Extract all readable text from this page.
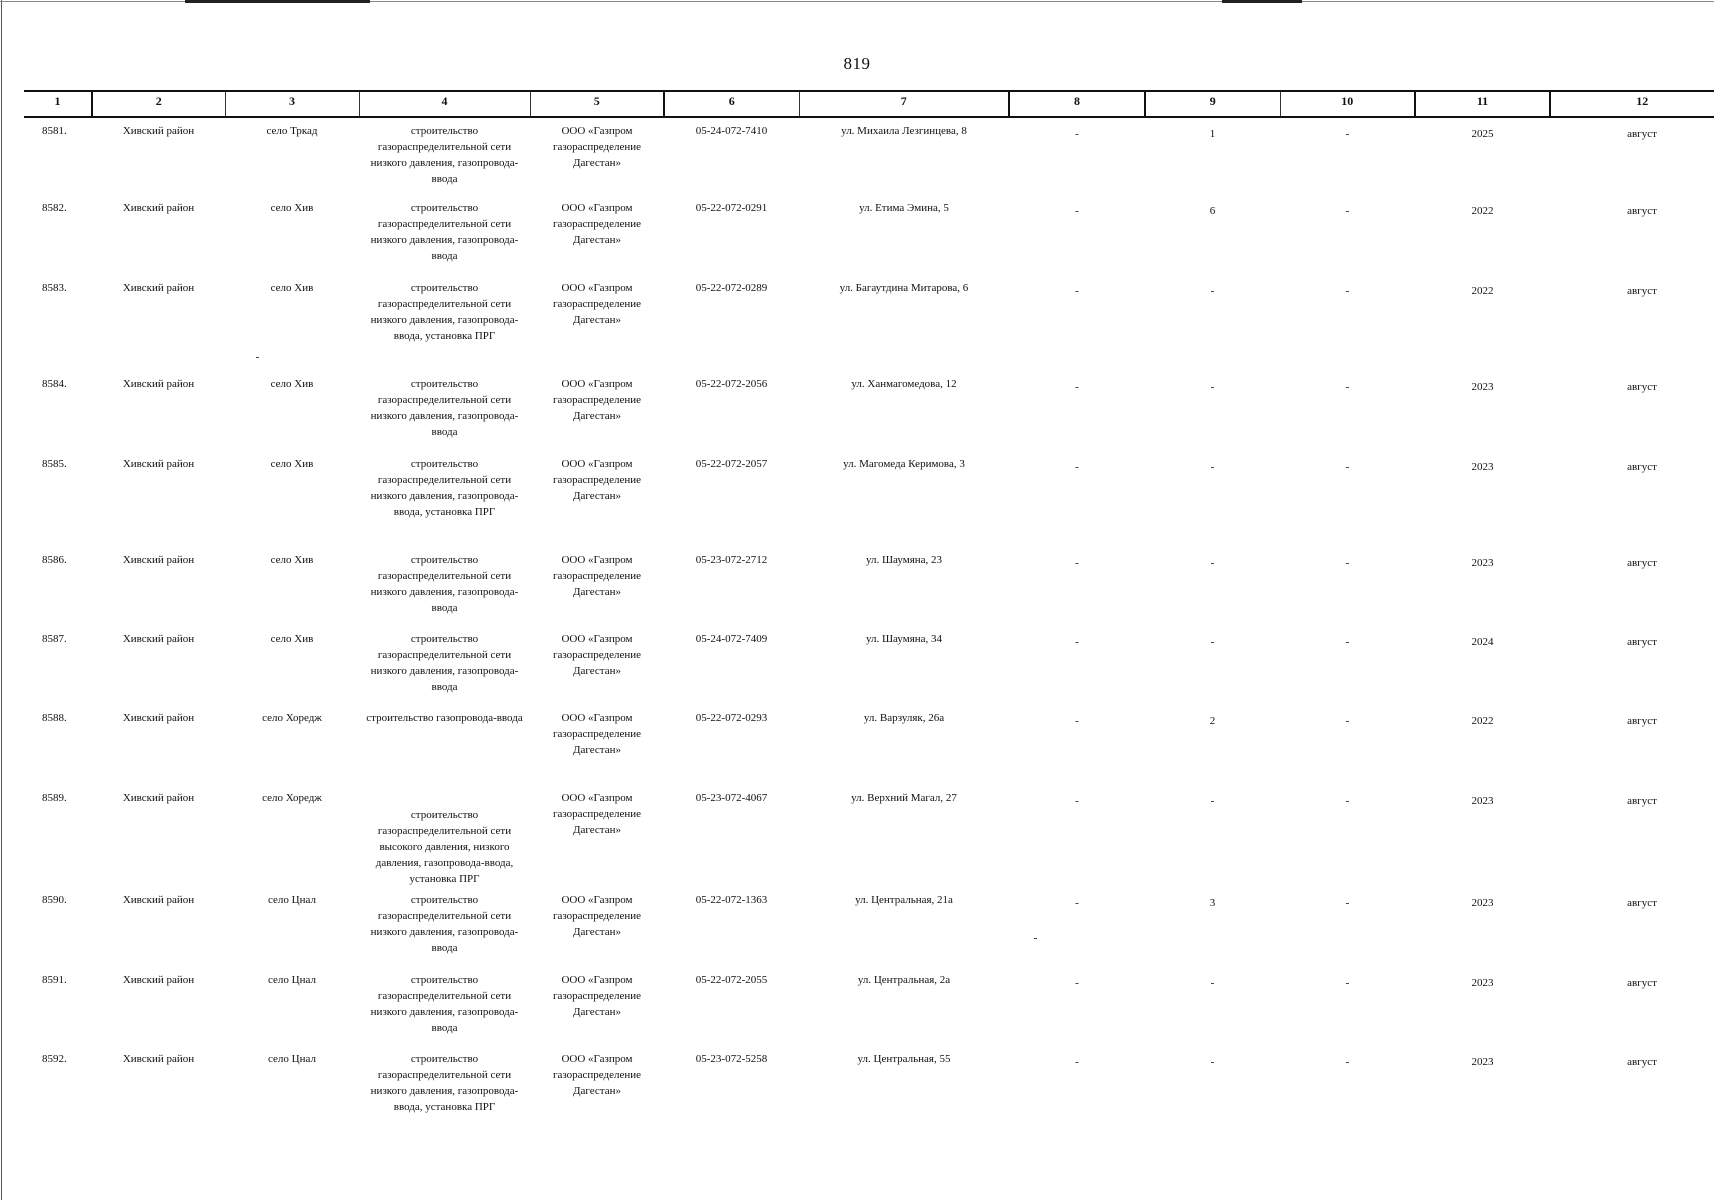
819
1	2	3	4	5	6	7	8	9	10	11	12
8581.	Хивский район	село Тркад	строительство газораспределительной сети низкого давления, газопровода-ввода	ООО «Газпром газораспределение Дагестан»	05-24-072-7410	ул. Михаила Лезгинцева, 8	-	1	-	2025	август
8582.	Хивский район	село Хив	строительство газораспределительной сети низкого давления, газопровода-ввода	ООО «Газпром газораспределение Дагестан»	05-22-072-0291	ул. Етима Эмина, 5	-	6	-	2022	август
8583.	Хивский район	село Хив	строительство газораспределительной сети низкого давления, газопровода-ввода, установка ПРГ	ООО «Газпром газораспределение Дагестан»	05-22-072-0289	ул. Багаутдина Митарова, 6	-	-	-	2022	август
8584.	Хивский район	село Хив	строительство газораспределительной сети низкого давления, газопровода-ввода	ООО «Газпром газораспределение Дагестан»	05-22-072-2056	ул. Ханмагомедова, 12	-	-	-	2023	август
8585.	Хивский район	село Хив	строительство газораспределительной сети низкого давления, газопровода-ввода, установка ПРГ	ООО «Газпром газораспределение Дагестан»	05-22-072-2057	ул. Магомеда Керимова, 3	-	-	-	2023	август
8586.	Хивский район	село Хив	строительство газораспределительной сети низкого давления, газопровода-ввода	ООО «Газпром газораспределение Дагестан»	05-23-072-2712	ул. Шаумяна, 23	-	-	-	2023	август
8587.	Хивский район	село Хив	строительство газораспределительной сети низкого давления, газопровода-ввода	ООО «Газпром газораспределение Дагестан»	05-24-072-7409	ул. Шаумяна, 34	-	-	-	2024	август
8588.	Хивский район	село Хоредж	строительство газопровода-ввода	ООО «Газпром газораспределение Дагестан»	05-22-072-0293	ул. Варзуляк, 26а	-	2	-	2022	август
8589.	Хивский район	село Хоредж	строительство газораспределительной сети высокого давления, низкого давления, газопровода-ввода, установка ПРГ	ООО «Газпром газораспределение Дагестан»	05-23-072-4067	ул. Верхний Магал, 27	-	-	-	2023	август
8590.	Хивский район	село Цнал	строительство газораспределительной сети низкого давления, газопровода-ввода	ООО «Газпром газораспределение Дагестан»	05-22-072-1363	ул. Центральная, 21а	-	3	-	2023	август
8591.	Хивский район	село Цнал	строительство газораспределительной сети низкого давления, газопровода-ввода	ООО «Газпром газораспределение Дагестан»	05-22-072-2055	ул. Центральная, 2а	-	-	-	2023	август
8592.	Хивский район	село Цнал	строительство газораспределительной сети низкого давления, газопровода-ввода, установка ПРГ	ООО «Газпром газораспределение Дагестан»	05-23-072-5258	ул. Центральная, 55	-	-	-	2023	август
